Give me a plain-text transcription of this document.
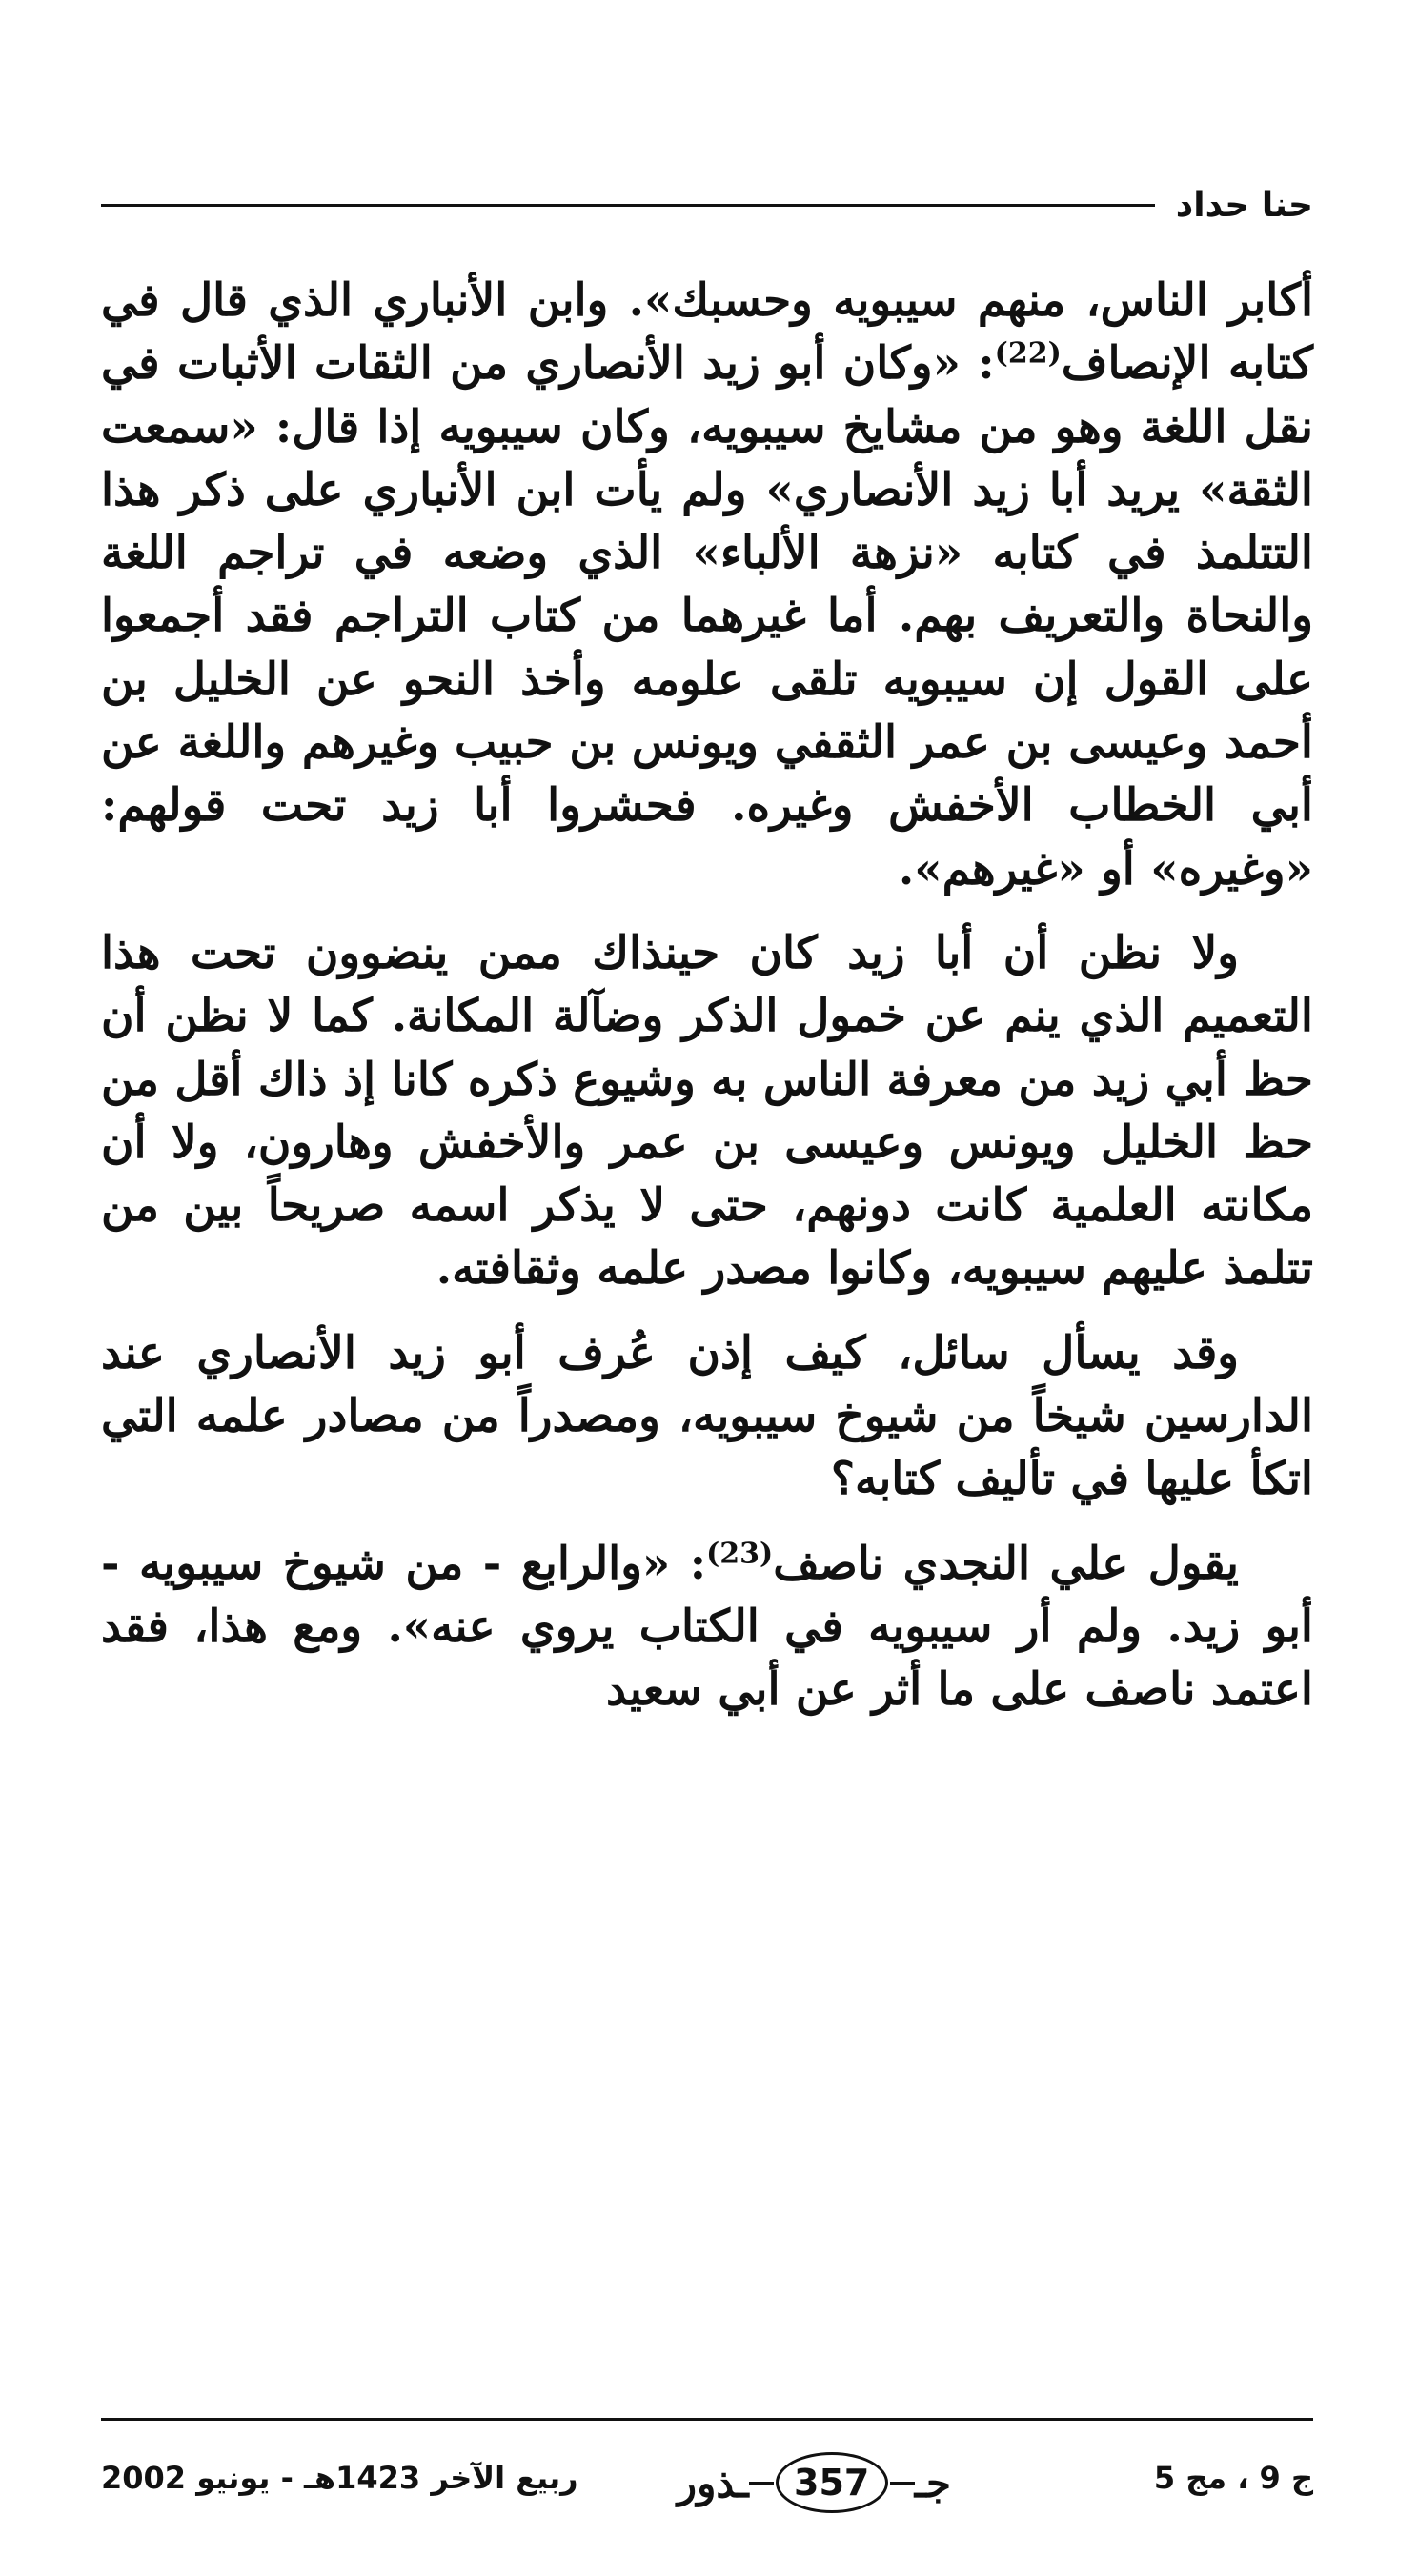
حنا حداد

أكابر الناس، منهم سيبويه وحسبك». وابن الأنباري الذي قال في كتابه الإنصاف$^{(22)}$: «وكان أبو زيد الأنصاري من الثقات الأثبات في نقل اللغة وهو من مشايخ سيبويه، وكان سيبويه إذا قال: «سمعت الثقة» يريد أبا زيد الأنصاري» ولم يأت ابن الأنباري على ذكر هذا التتلمذ في كتابه «نزهة الألباء» الذي وضعه في تراجم اللغة والنحاة والتعريف بهم. أما غيرهما من كتاب التراجم فقد أجمعوا على القول إن سيبويه تلقى علومه وأخذ النحو عن الخليل بن أحمد وعيسى بن عمر الثقفي ويونس بن حبيب وغيرهم واللغة عن أبي الخطاب الأخفش وغيره. فحشروا أبا زيد تحت قولهم: «وغيره» أو «غيرهم».

ولا نظن أن أبا زيد كان حينذاك ممن ينضوون تحت هذا التعميم الذي ينم عن خمول الذكر وضآلة المكانة. كما لا نظن أن حظ أبي زيد من معرفة الناس به وشيوع ذكره كانا إذ ذاك أقل من حظ الخليل ويونس وعيسى بن عمر والأخفش وهارون، ولا أن مكانته العلمية كانت دونهم، حتى لا يذكر اسمه صريحاً بين من تتلمذ عليهم سيبويه، وكانوا مصدر علمه وثقافته.

وقد يسأل سائل، كيف إذن عُرف أبو زيد الأنصاري عند الدارسين شيخاً من شيوخ سيبويه، ومصدراً من مصادر علمه التي اتكأ عليها في تأليف كتابه؟

يقول علي النجدي ناصف$^{(23)}$: «والرابع - من شيوخ سيبويه - أبو زيد. ولم أر سيبويه في الكتاب يروي عنه». ومع هذا، فقد اعتمد ناصف على ما أثر عن أبي سعيد

ج 9 ، مج 5
جـ
357
ـذور
ربيع الآخر 1423هـ - يونيو 2002
